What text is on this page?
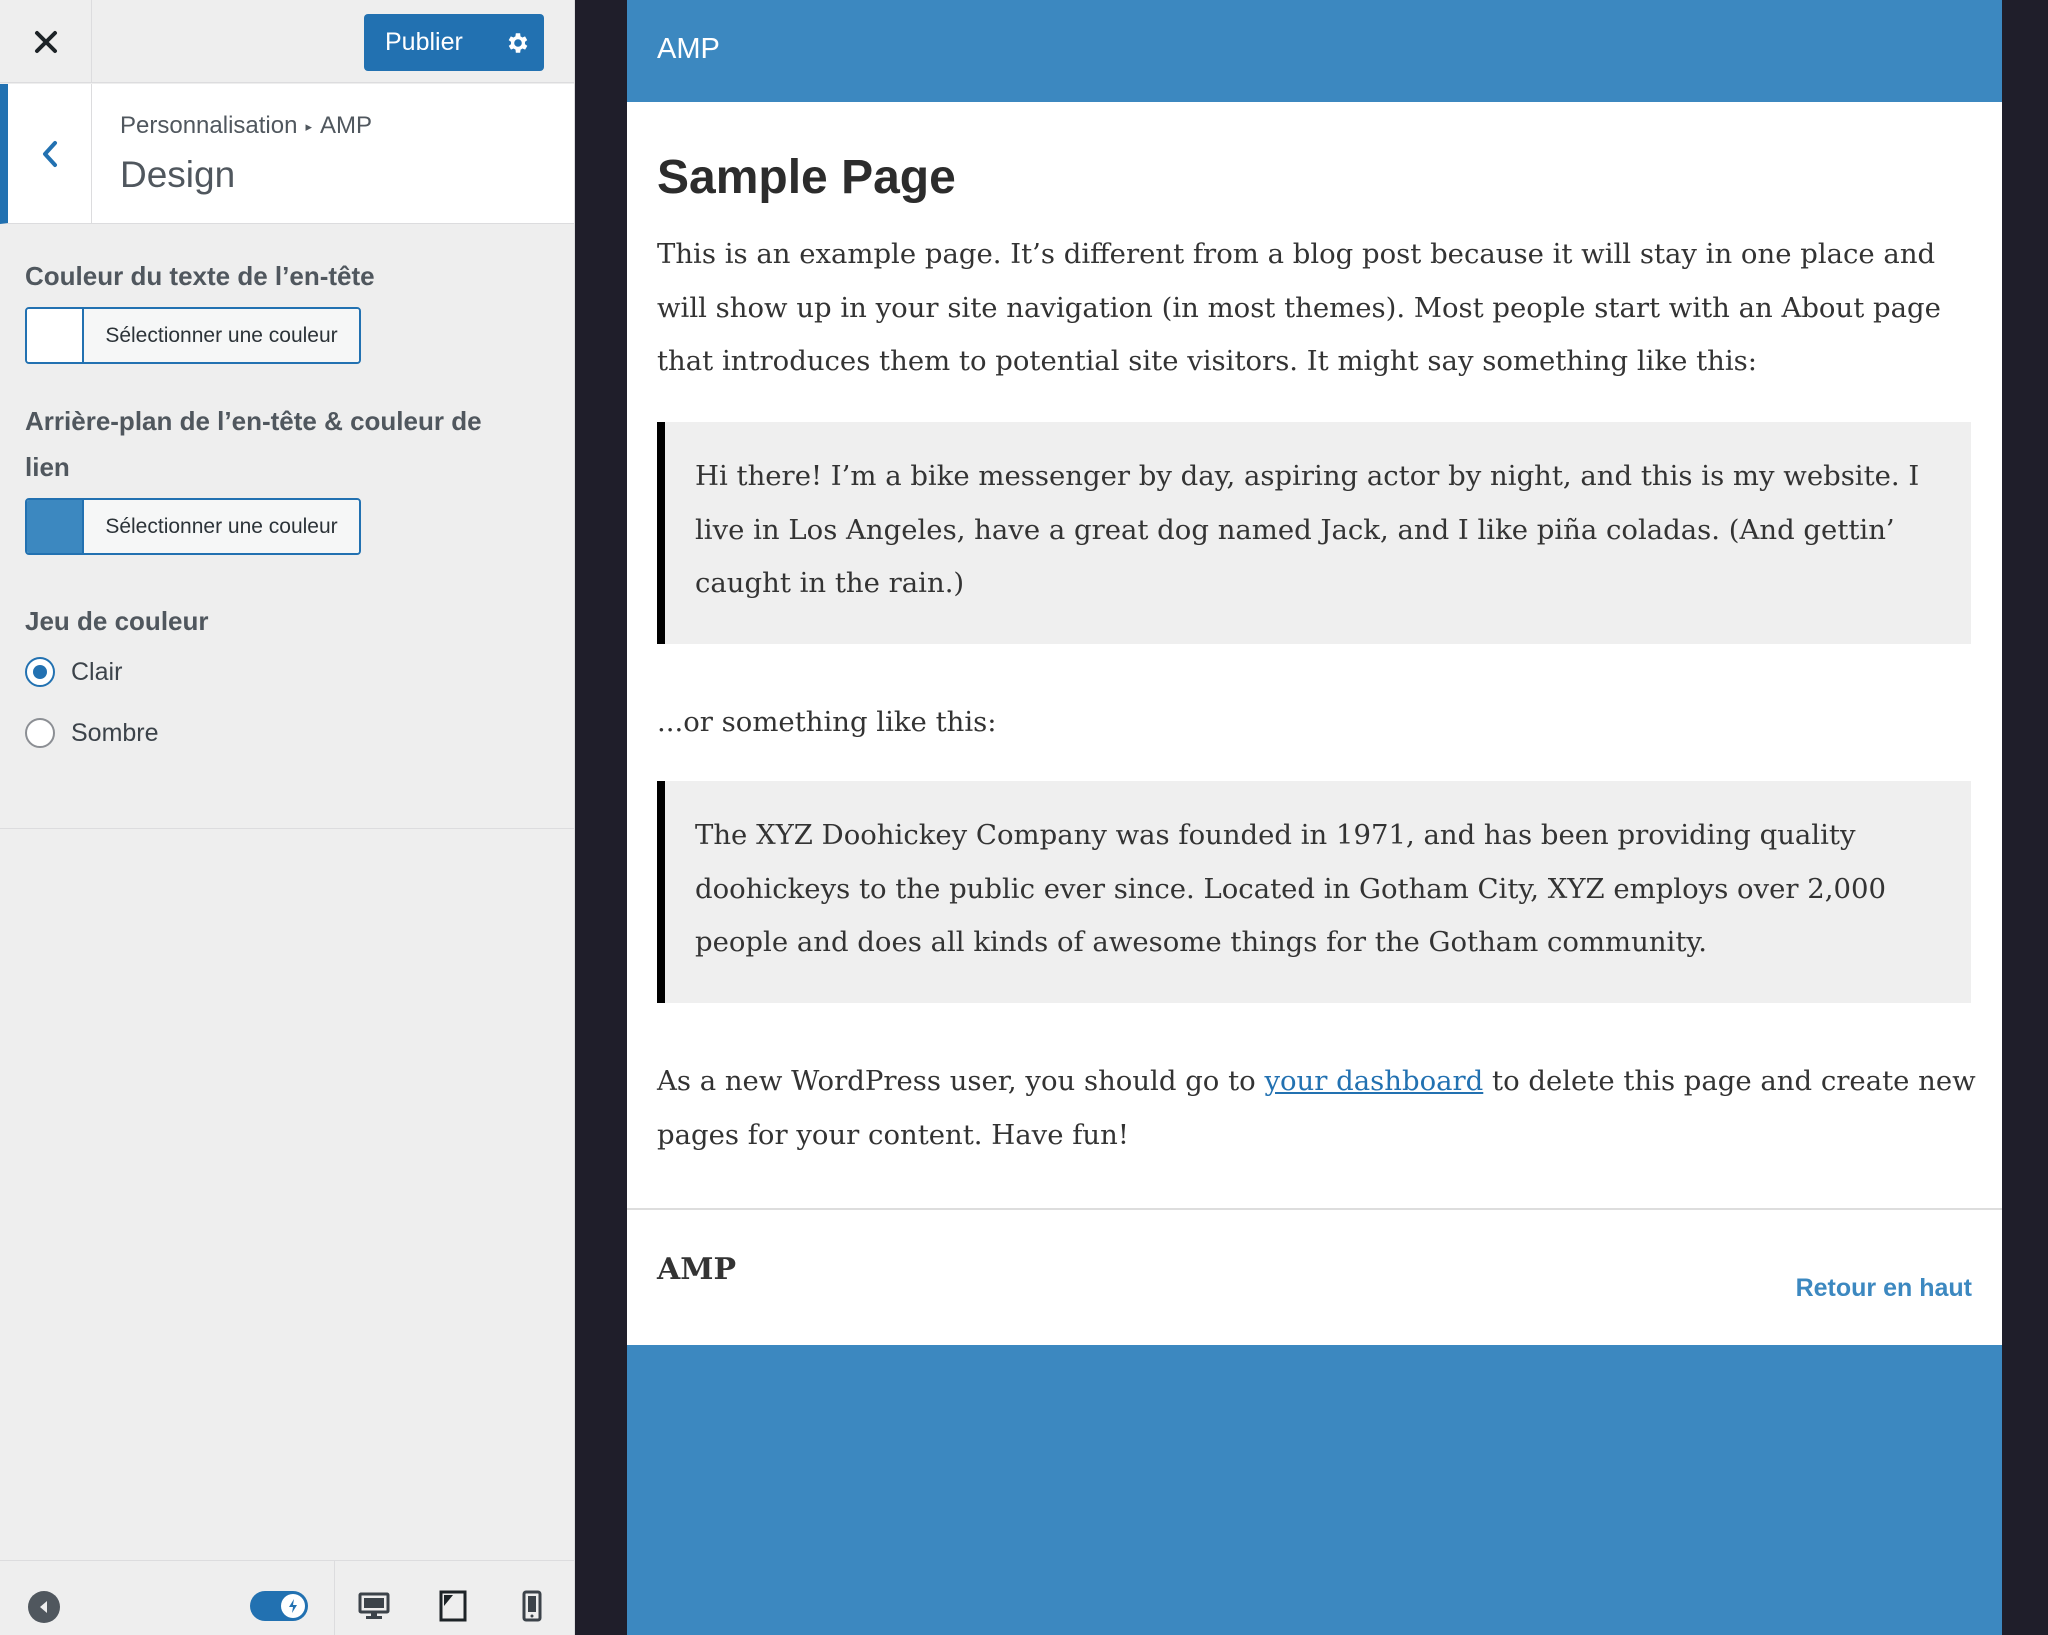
Publier
Personnalisation ▸ AMP
Design
Couleur du texte de l’en-tête
Sélectionner une couleur
Arrière-plan de l’en-tête & couleur de
lien
Sélectionner une couleur
Jeu de couleur
Clair
Sombre
AMP
Sample Page

This is an example page. It’s different from a blog post because it will stay in one place and will show up in your site navigation (in most themes). Most people start with an About page that introduces them to potential site visitors. It might say something like this:

Hi there! I’m a bike messenger by day, aspiring actor by night, and this is my website. I live in Los Angeles, have a great dog named Jack, and I like piña coladas. (And gettin’ caught in the rain.)

...or something like this:

The XYZ Doohickey Company was founded in 1971, and has been providing quality doohickeys to the public ever since. Located in Gotham City, XYZ employs over 2,000 people and does all kinds of awesome things for the Gotham community.

As a new WordPress user, you should go to your dashboard to delete this page and create new pages for your content. Have fun!

AMP
Retour en haut
